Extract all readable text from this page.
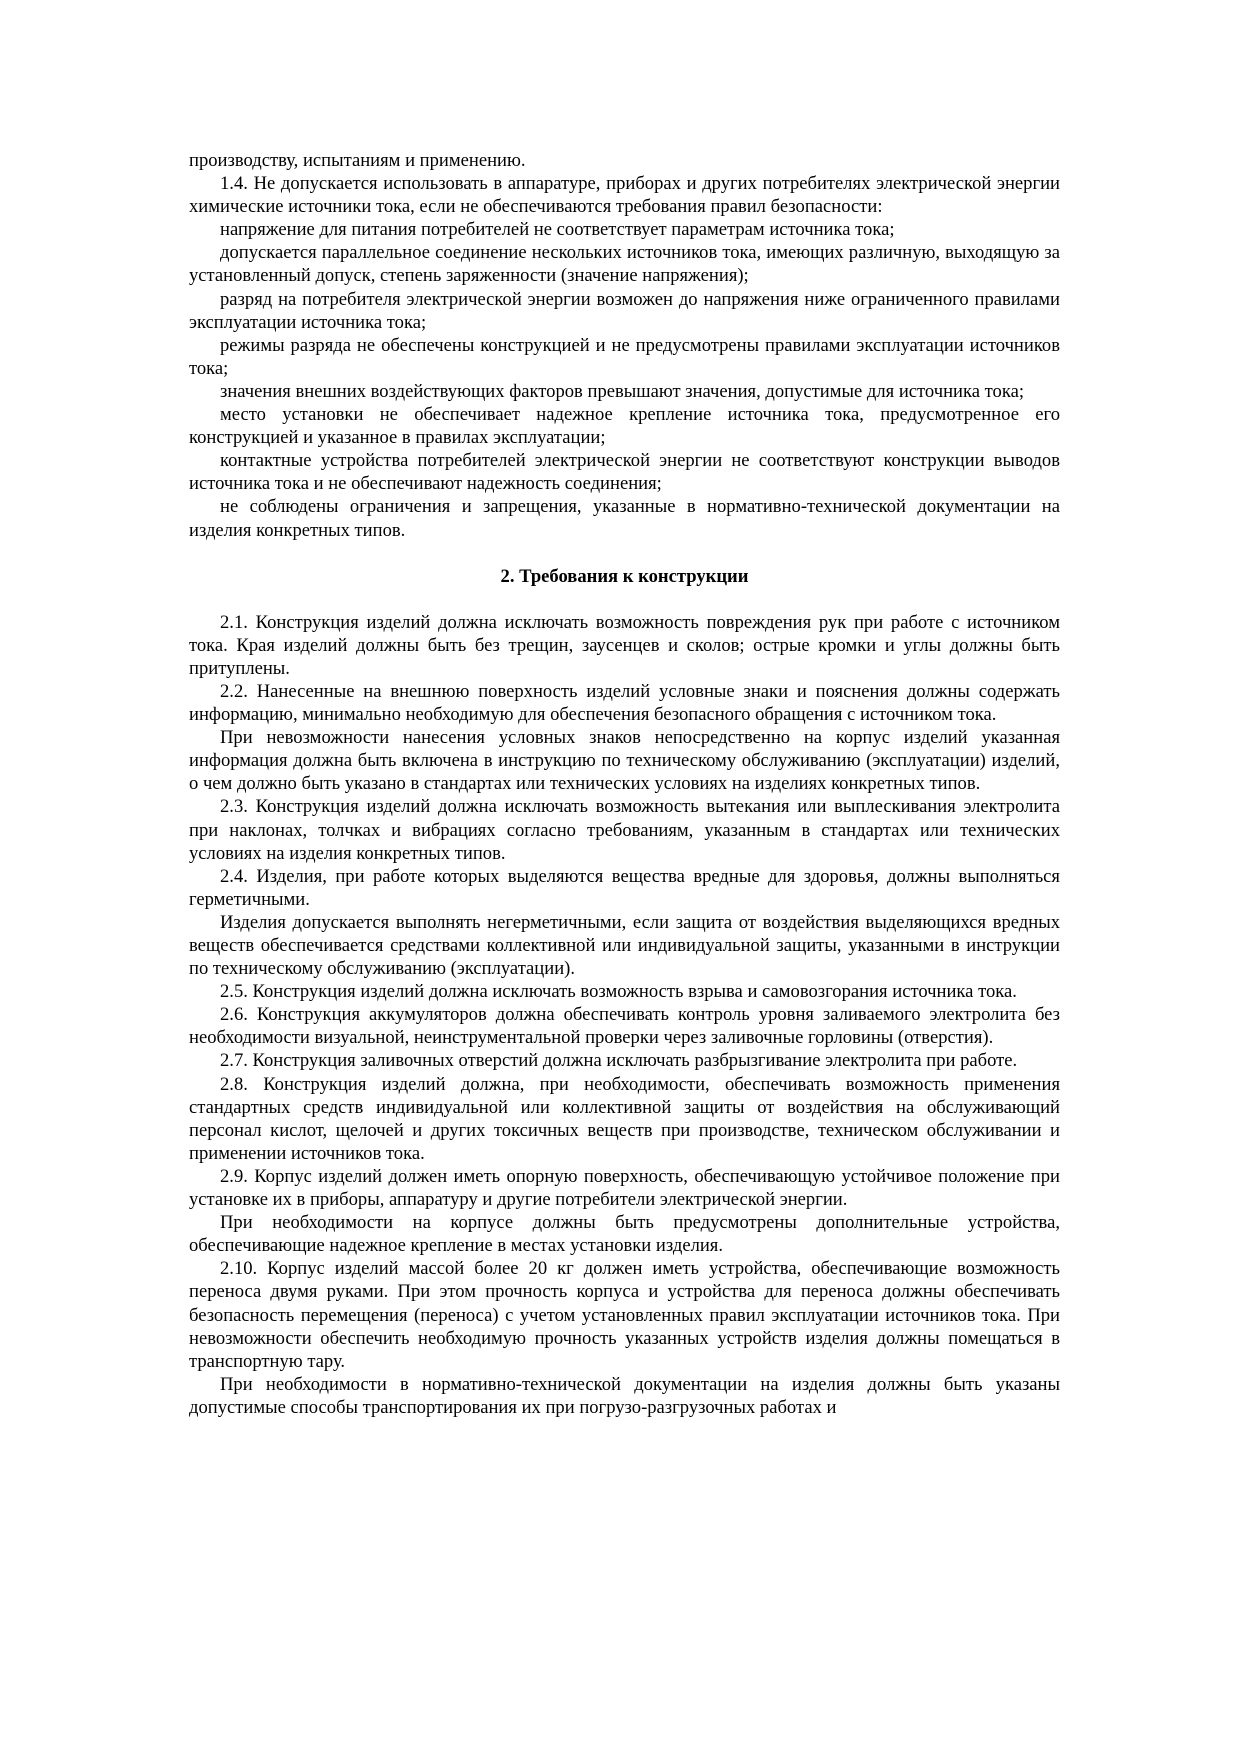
производству, испытаниям и применению.

1.4. Не допускается использовать в аппаратуре, приборах и других потребителях электрической энергии химические источники тока, если не обеспечиваются требования правил безопасности:

напряжение для питания потребителей не соответствует параметрам источника тока;

допускается параллельное соединение нескольких источников тока, имеющих различную, выходящую за установленный допуск, степень заряженности (значение напряжения);

разряд на потребителя электрической энергии возможен до напряжения ниже ограниченного правилами эксплуатации источника тока;

режимы разряда не обеспечены конструкцией и не предусмотрены правилами эксплуатации источников тока;

значения внешних воздействующих факторов превышают значения, допустимые для источника тока;

место установки не обеспечивает надежное крепление источника тока, предусмотренное его конструкцией и указанное в правилах эксплуатации;

контактные устройства потребителей электрической энергии не соответствуют конструкции выводов источника тока и не обеспечивают надежность соединения;

не соблюдены ограничения и запрещения, указанные в нормативно-технической документации на изделия конкретных типов.

2. Требования к конструкции

2.1. Конструкция изделий должна исключать возможность повреждения рук при работе с источником тока. Края изделий должны быть без трещин, заусенцев и сколов; острые кромки и углы должны быть притуплены.

2.2. Нанесенные на внешнюю поверхность изделий условные знаки и пояснения должны содержать информацию, минимально необходимую для обеспечения безопасного обращения с источником тока.

При невозможности нанесения условных знаков непосредственно на корпус изделий указанная информация должна быть включена в инструкцию по техническому обслуживанию (эксплуатации) изделий, о чем должно быть указано в стандартах или технических условиях на изделиях конкретных типов.

2.3. Конструкция изделий должна исключать возможность вытекания или выплескивания электролита при наклонах, толчках и вибрациях согласно требованиям, указанным в стандартах или технических условиях на изделия конкретных типов.

2.4. Изделия, при работе которых выделяются вещества вредные для здоровья, должны выполняться герметичными.

Изделия допускается выполнять негерметичными, если защита от воздействия выделяющихся вредных веществ обеспечивается средствами коллективной или индивидуальной защиты, указанными в инструкции по техническому обслуживанию (эксплуатации).

2.5. Конструкция изделий должна исключать возможность взрыва и самовозгорания источника тока.

2.6. Конструкция аккумуляторов должна обеспечивать контроль уровня заливаемого электролита без необходимости визуальной, неинструментальной проверки через заливочные горловины (отверстия).

2.7. Конструкция заливочных отверстий должна исключать разбрызгивание электролита при работе.

2.8. Конструкция изделий должна, при необходимости, обеспечивать возможность применения стандартных средств индивидуальной или коллективной защиты от воздействия на обслуживающий персонал кислот, щелочей и других токсичных веществ при производстве, техническом обслуживании и применении источников тока.

2.9. Корпус изделий должен иметь опорную поверхность, обеспечивающую устойчивое положение при установке их в приборы, аппаратуру и другие потребители электрической энергии.

При необходимости на корпусе должны быть предусмотрены дополнительные устройства, обеспечивающие надежное крепление в местах установки изделия.

2.10. Корпус изделий массой более 20 кг должен иметь устройства, обеспечивающие возможность переноса двумя руками. При этом прочность корпуса и устройства для переноса должны обеспечивать безопасность перемещения (переноса) с учетом установленных правил эксплуатации источников тока. При невозможности обеспечить необходимую прочность указанных устройств изделия должны помещаться в транспортную тару.

При необходимости в нормативно-технической документации на изделия должны быть указаны допустимые способы транспортирования их при погрузо-разгрузочных работах и
